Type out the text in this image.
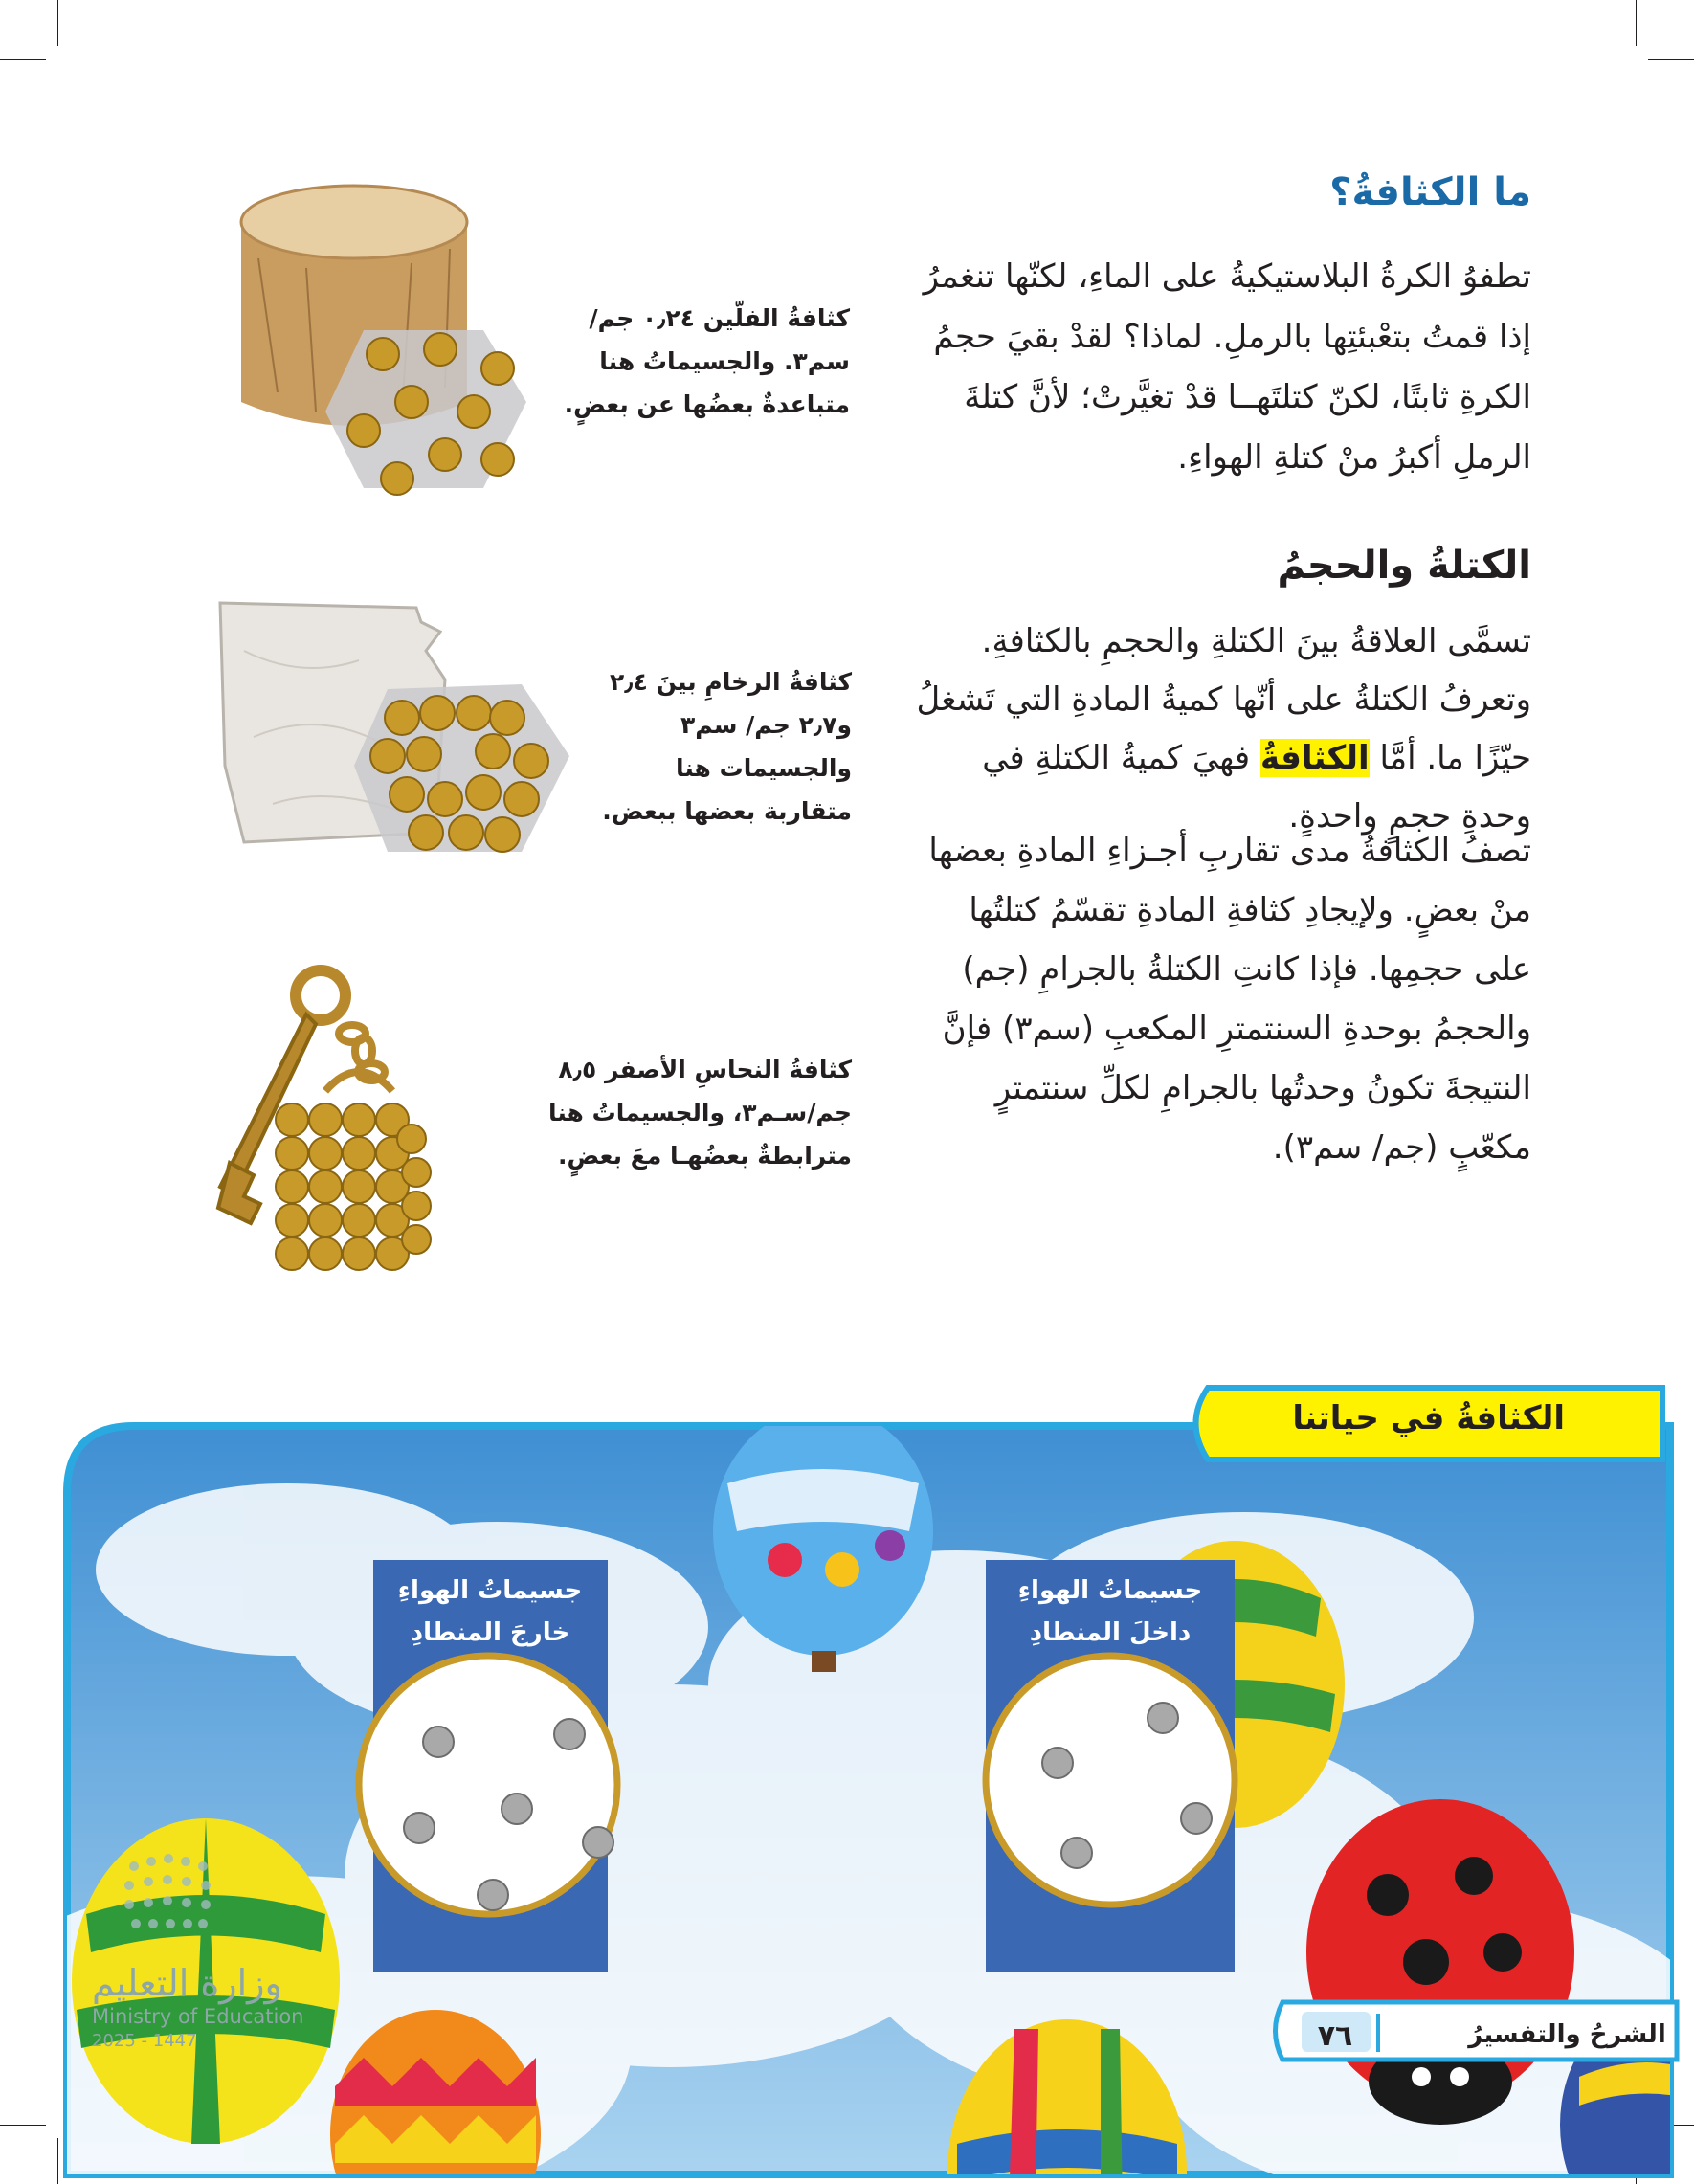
ما الكثافةُ؟
تطفوُ الكرةُ البلاستيكيةُ على الماءِ، لكنّها تنغمرُ إذا قمتُ بتعْبئتِها بالرملِ. لماذا؟ لقدْ بقيَ حجمُ الكرةِ ثابتًا، لكنّ كتلتَهــا قدْ تغيَّرتْ؛ لأنَّ كتلةَ الرملِ أكبرُ منْ كتلةِ الهواءِ.
الكتلةُ والحجمُ
تسمَّى العلاقةُ بينَ الكتلةِ والحجمِ بالكثافةِ. وتعرفُ الكتلةُ على أنّها كميةُ المادةِ التي تَشغلُ حيّزًا ما. أمَّا الكثافةُ فهيَ كميةُ الكتلةِ في وحدةِ حجمٍ واحدةٍ.
تصفُ الكثافةُ مدى تقاربِ أجـزاءِ المادةِ بعضها منْ بعضٍ. ولإيجادِ كثافةِ المادةِ تقسّمُ كتلتُها على حجمِها. فإذا كانتِ الكتلةُ بالجرامِ (جم) والحجمُ بوحدةِ السنتمترِ المكعبِ (سم٣) فإنَّ النتيجةَ تكونُ وحدتُها بالجرامِ لكلِّ سنتمترٍ مكعّبٍ (جم/ سم٣).
كثافةُ الفلّين ٠٫٢٤ جم/سم٣. والجسيماتُ هنا متباعدةٌ بعضُها عن بعضٍ.
كثافةُ الرخامِ بينَ ٢٫٤ و٢٫٧ جم/ سم٣ والجسيمات هنا متقاربة بعضها ببعض.
كثافةُ النحاسِ الأصفر ٨٫٥ جم/سـم٣، والجسيماتُ هنا مترابطةٌ بعضُهـا معَ بعضٍ.
الكثافةُ في حياتنا
جسيماتُ الهواءِ
داخلَ المنطادِ
جسيماتُ الهواءِ
خارجَ المنطادِ
الشرحُ والتفسيرُ
٧٦
وزارة التعليم
Ministry of Education
2025 - 1447
